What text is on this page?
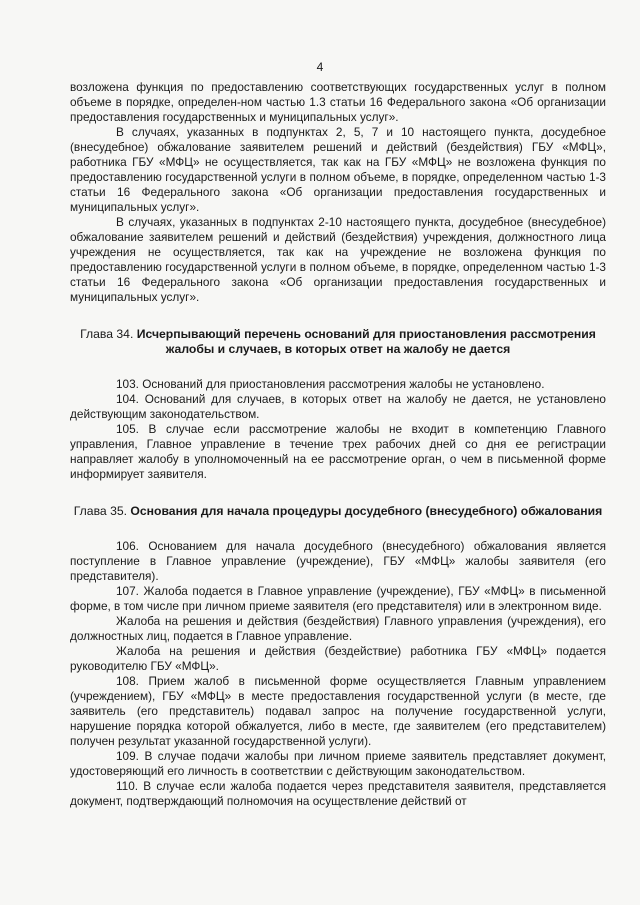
4

возложена функция по предоставлению соответствующих государственных услуг в полном объеме в порядке, определен-ном частью 1.3 статьи 16 Федерального закона «Об организации предоставления государственных и муниципальных услуг».

В случаях, указанных в подпунктах 2, 5, 7 и 10 настоящего пункта, досудебное (внесудебное) обжалование заявителем решений и действий (бездействия) ГБУ «МФЦ», работника ГБУ «МФЦ» не осуществляется, так как на ГБУ «МФЦ» не возложена функция по предоставлению государственной услуги в полном объеме, в порядке, определенном частью 1-3 статьи 16 Федерального закона «Об организации предоставления государственных и муниципальных услуг».

В случаях, указанных в подпунктах 2-10 настоящего пункта, досудебное (внесудебное) обжалование заявителем решений и действий (бездействия) учреждения, должностного лица учреждения не осуществляется, так как на учреждение не возложена функция по предоставлению государственной услуги в полном объеме, в порядке, определенном частью 1-3 статьи 16 Федерального закона «Об организации предоставления государственных и муниципальных услуг».

Глава 34. Исчерпывающий перечень оснований для приостановления рассмотрения жалобы и случаев, в которых ответ на жалобу не дается

103. Оснований для приостановления рассмотрения жалобы не установлено.

104. Оснований для случаев, в которых ответ на жалобу не дается, не установлено действующим законодательством.

105. В случае если рассмотрение жалобы не входит в компетенцию Главного управления, Главное управление в течение трех рабочих дней со дня ее регистрации направляет жалобу в уполномоченный на ее рассмотрение орган, о чем в письменной форме информирует заявителя.

Глава 35. Основания для начала процедуры досудебного (внесудебного) обжалования

106. Основанием для начала досудебного (внесудебного) обжалования является поступление в Главное управление (учреждение), ГБУ «МФЦ» жалобы заявителя (его представителя).

107. Жалоба подается в Главное управление (учреждение), ГБУ «МФЦ» в письменной форме, в том числе при личном приеме заявителя (его представителя) или в электронном виде.

Жалоба на решения и действия (бездействия) Главного управления (учреждения), его должностных лиц, подается в Главное управление.

Жалоба на решения и действия (бездействие) работника ГБУ «МФЦ» подается руководителю ГБУ «МФЦ».

108. Прием жалоб в письменной форме осуществляется Главным управлением (учреждением), ГБУ «МФЦ» в месте предоставления государственной услуги (в месте, где заявитель (его представитель) подавал запрос на получение государственной услуги, нарушение порядка которой обжалуется, либо в месте, где заявителем (его представителем) получен результат указанной государственной услуги).

109. В случае подачи жалобы при личном приеме заявитель представляет документ, удостоверяющий его личность в соответствии с действующим законодательством.

110. В случае если жалоба подается через представителя заявителя, представляется документ, подтверждающий полномочия на осуществление действий от
